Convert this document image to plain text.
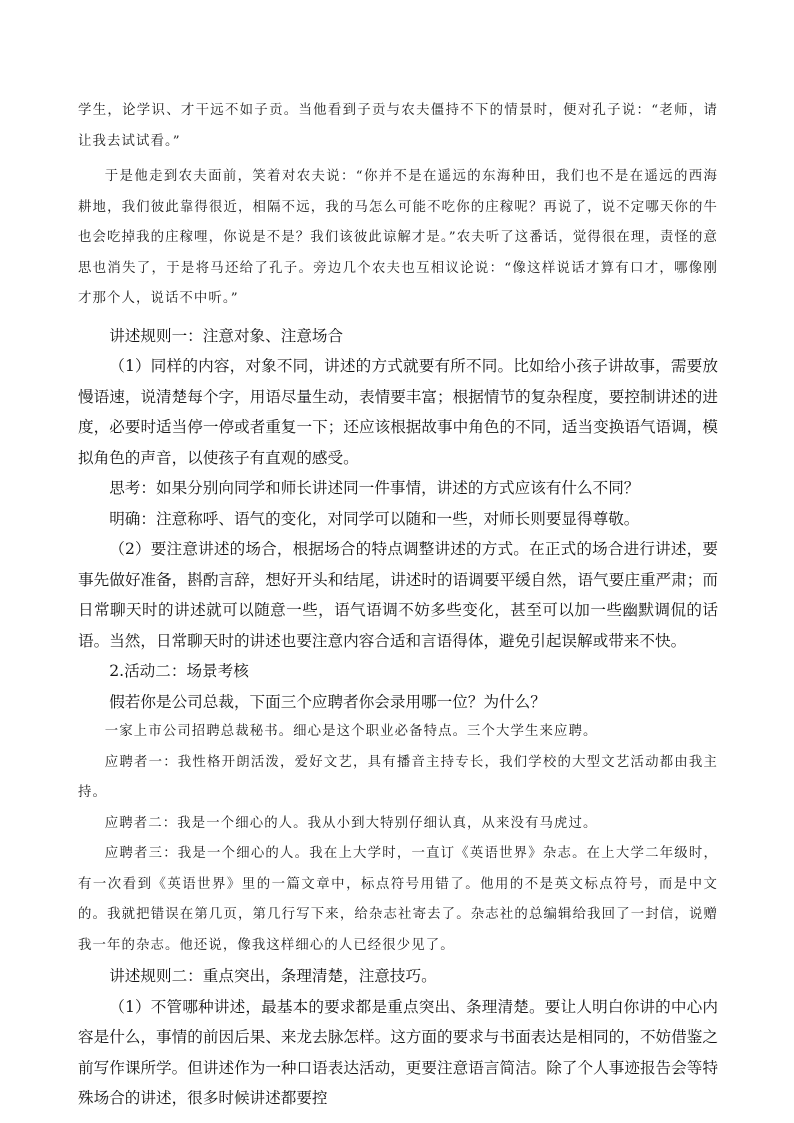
学生，论学识、才干远不如子贡。当他看到子贡与农夫僵持不下的情景时，便对孔子说：“老师，请让我去试试看。”

于是他走到农夫面前，笑着对农夫说：“你并不是在遥远的东海种田，我们也不是在遥远的西海耕地，我们彼此靠得很近，相隔不远，我的马怎么可能不吃你的庄稼呢？再说了，说不定哪天你的牛也会吃掉我的庄稼哩，你说是不是？我们该彼此谅解才是。”农夫听了这番话，觉得很在理，责怪的意思也消失了，于是将马还给了孔子。旁边几个农夫也互相议论说：“像这样说话才算有口才，哪像刚才那个人，说话不中听。”

讲述规则一：注意对象、注意场合

（1）同样的内容，对象不同，讲述的方式就要有所不同。比如给小孩子讲故事，需要放慢语速，说清楚每个字，用语尽量生动，表情要丰富；根据情节的复杂程度，要控制讲述的进度，必要时适当停一停或者重复一下；还应该根据故事中角色的不同，适当变换语气语调，模拟角色的声音，以使孩子有直观的感受。

思考：如果分别向同学和师长讲述同一件事情，讲述的方式应该有什么不同？

明确：注意称呼、语气的变化，对同学可以随和一些，对师长则要显得尊敬。

（2）要注意讲述的场合，根据场合的特点调整讲述的方式。在正式的场合进行讲述，要事先做好准备，斟酌言辞，想好开头和结尾，讲述时的语调要平缓自然，语气要庄重严肃；而日常聊天时的讲述就可以随意一些，语气语调不妨多些变化，甚至可以加一些幽默调侃的话语。当然，日常聊天时的讲述也要注意内容合适和言语得体，避免引起误解或带来不快。

2.活动二：场景考核

假若你是公司总裁，下面三个应聘者你会录用哪一位？为什么？

一家上市公司招聘总裁秘书。细心是这个职业必备特点。三个大学生来应聘。

应聘者一：我性格开朗活泼，爱好文艺，具有播音主持专长，我们学校的大型文艺活动都由我主持。

应聘者二：我是一个细心的人。我从小到大特别仔细认真，从来没有马虎过。

应聘者三：我是一个细心的人。我在上大学时，一直订《英语世界》杂志。在上大学二年级时，有一次看到《英语世界》里的一篇文章中，标点符号用错了。他用的不是英文标点符号，而是中文的。我就把错误在第几页，第几行写下来，给杂志社寄去了。杂志社的总编辑给我回了一封信，说赠我一年的杂志。他还说，像我这样细心的人已经很少见了。

讲述规则二：重点突出，条理清楚，注意技巧。

（1）不管哪种讲述，最基本的要求都是重点突出、条理清楚。要让人明白你讲的中心内容是什么，事情的前因后果、来龙去脉怎样。这方面的要求与书面表达是相同的，不妨借鉴之前写作课所学。但讲述作为一种口语表达活动，更要注意语言简洁。除了个人事迹报告会等特殊场合的讲述，很多时候讲述都要控
